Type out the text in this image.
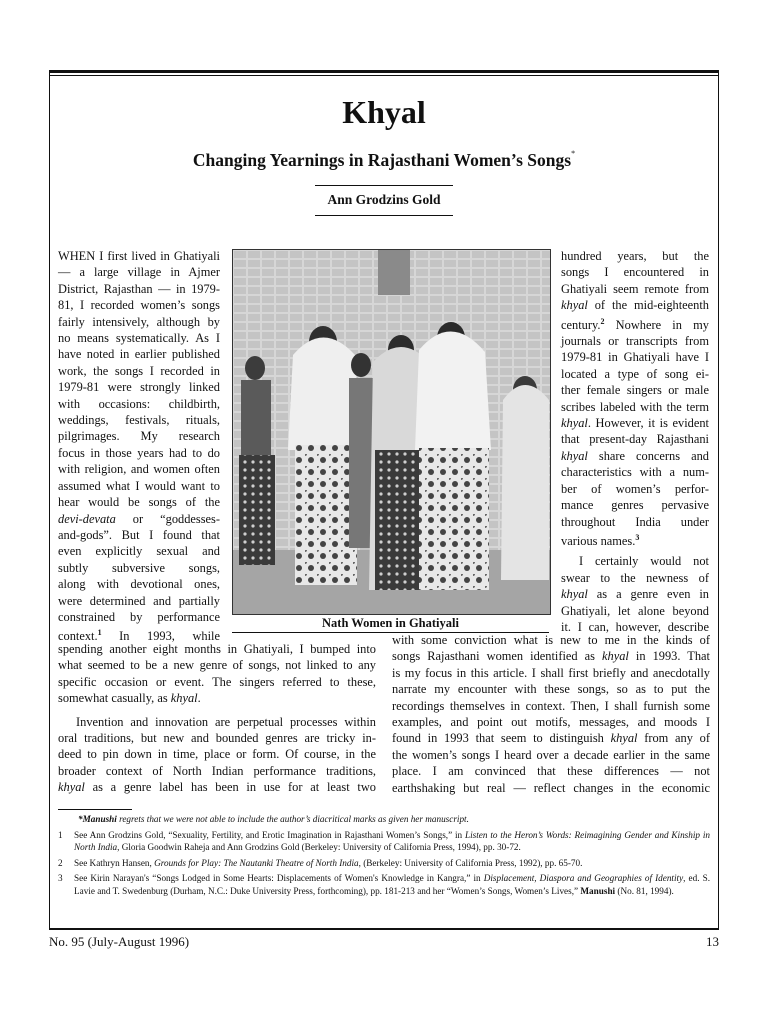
Khyal
Changing Yearnings in Rajasthani Women’s Songs*
Ann Grodzins Gold
WHEN I first lived in Ghatiyali
— a large village in Ajmer
District, Rajasthan — in 1979-
81, I recorded women’s songs
fairly intensively, although by
no means systematically. As I
have noted in earlier published
work, the songs I recorded in
1979-81 were strongly linked
with occasions: childbirth,
weddings, festivals, rituals,
pilgrimages. My research
focus in those years had to do
with religion, and women often
assumed what I would want to
hear would be songs of the
devi-devata or “goddesses-
and-gods”. But I found that
even explicitly sexual and
subtly subversive songs,
along with devotional ones,
were determined and partially
constrained by performance
context.$^1$ In 1993, while
Nath Women in Ghatiyali
hundred years, but the
songs I encountered in
Ghatiyali seem remote from
khyal of the mid-eighteenth
century.$^2$ Nowhere in my
journals or transcripts from
1979-81 in Ghatiyali have I
located a type of song ei-
ther female singers or male
scribes labeled with the term
khyal. However, it is evident
that present-day Rajasthani
khyal share concerns and
characteristics with a num-
ber of women’s perfor-
mance genres pervasive
throughout India under
various names.$^3$
I certainly would not
swear to the newness of
khyal as a genre even in
Ghatiyali, let alone beyond
it. I can, however, describe
spending another eight months in Ghatiyali, I bumped into
what seemed to be a new genre of songs, not linked to any
specific occasion or event. The singers referred to these,
somewhat casually, as khyal.
Invention and innovation are perpetual processes within
oral traditions, but new and bounded genres are tricky in-
deed to pin down in time, place or form. Of course, in the
broader context of North Indian performance traditions,
khyal as a genre label has been in use for at least two
with some conviction what is new to me in the kinds of
songs Rajasthani women identified as khyal in 1993. That
is my focus in this article. I shall first briefly and anecdotally
narrate my encounter with these songs, so as to put the
recordings themselves in context. Then, I shall furnish some
examples, and point out motifs, messages, and moods I
found in 1993 that seem to distinguish khyal from any of
the women’s songs I heard over a decade earlier in the same
place. I am convinced that these differences — not
earthshaking but real — reflect changes in the economic
*Manushi regrets that we were not able to include the author’s diacritical marks as given her manuscript.
1	See Ann Grodzins Gold, “Sexuality, Fertility, and Erotic Imagination in Rajasthani Women’s Songs,” in Listen to the Heron’s Words: Reimagining Gender and Kinship in North India, Gloria Goodwin Raheja and Ann Grodzins Gold (Berkeley: University of California Press, 1994), pp. 30-72.
2	See Kathryn Hansen, Grounds for Play: The Nautanki Theatre of North India, (Berkeley: University of California Press, 1992), pp. 65-70.
3	See Kirin Narayan's “Songs Lodged in Some Hearts: Displacements of Women's Knowledge in Kangra,” in Displacement, Diaspora and Geographies of Identity, ed. S. Lavie and T. Swedenburg (Durham, N.C.: Duke University Press, forthcoming), pp. 181-213 and her “Women’s Songs, Women’s Lives,” Manushi (No. 81, 1994).
No. 95 (July-August 1996)	13
